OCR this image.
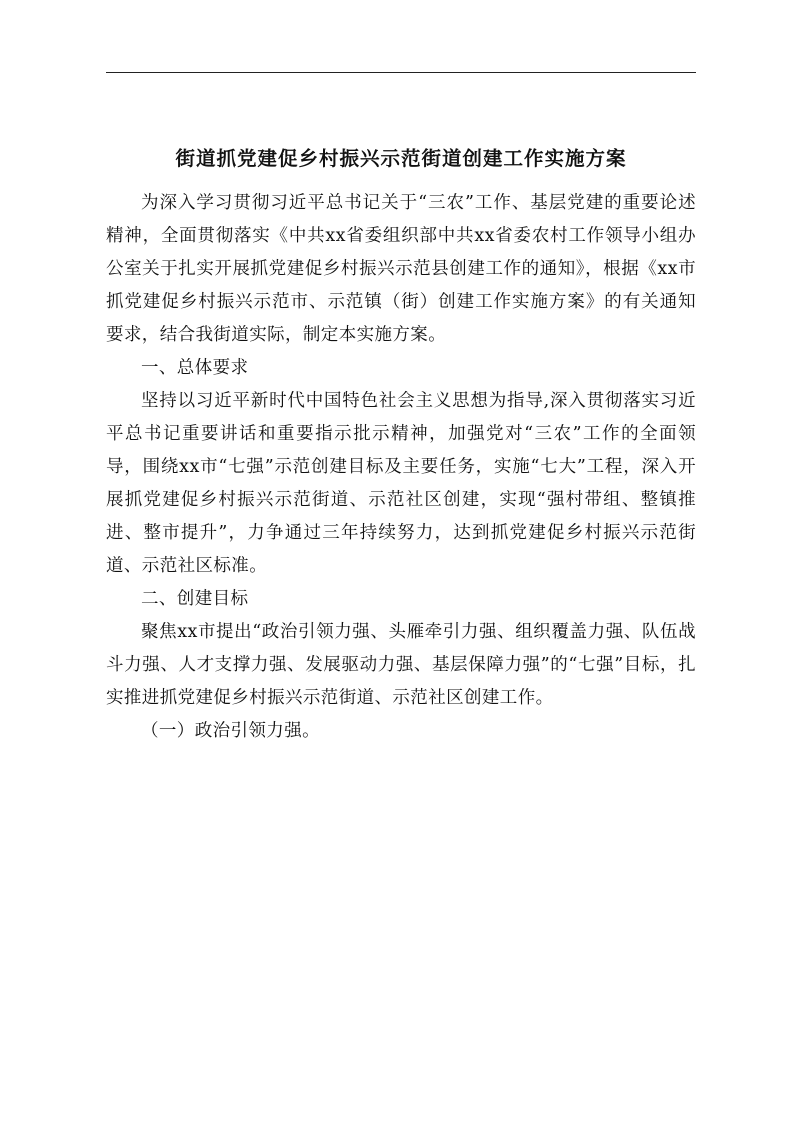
街道抓党建促乡村振兴示范街道创建工作实施方案

为深入学习贯彻习近平总书记关于“三农”工作、基层党建的重要论述精神，全面贯彻落实《中共xx省委组织部中共xx省委农村工作领导小组办公室关于扎实开展抓党建促乡村振兴示范县创建工作的通知》，根据《xx市抓党建促乡村振兴示范市、示范镇（街）创建工作实施方案》的有关通知要求，结合我街道实际，制定本实施方案。

一、总体要求

坚持以习近平新时代中国特色社会主义思想为指导,深入贯彻落实习近平总书记重要讲话和重要指示批示精神，加强党对“三农”工作的全面领导，围绕xx市“七强”示范创建目标及主要任务，实施“七大”工程，深入开展抓党建促乡村振兴示范街道、示范社区创建，实现“强村带组、整镇推进、整市提升”，力争通过三年持续努力，达到抓党建促乡村振兴示范街道、示范社区标准。

二、创建目标

聚焦xx市提出“政治引领力强、头雁牵引力强、组织覆盖力强、队伍战斗力强、人才支撑力强、发展驱动力强、基层保障力强”的“七强”目标，扎实推进抓党建促乡村振兴示范街道、示范社区创建工作。

（一）政治引领力强。
